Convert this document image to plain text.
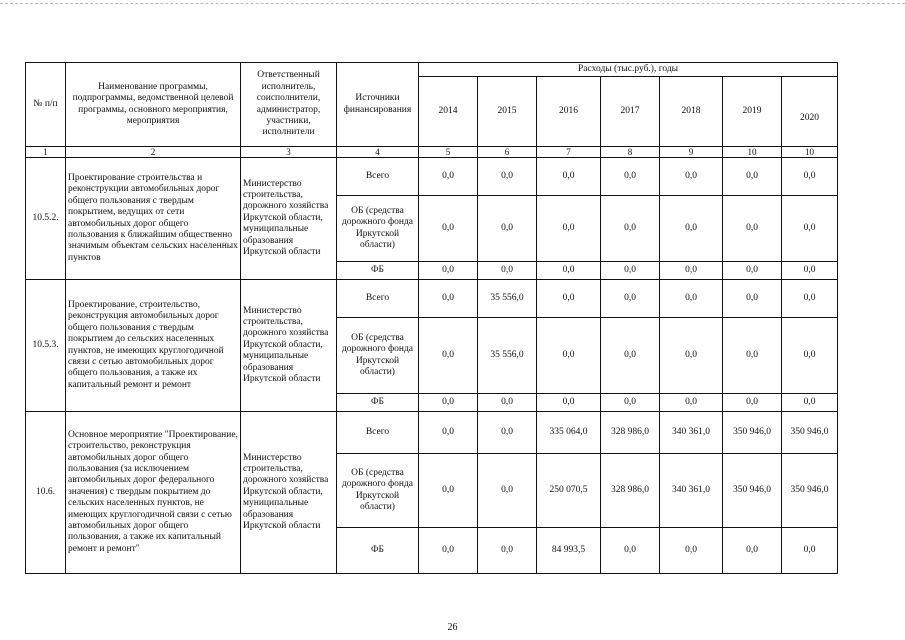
№ п/п	Наименование программы, подпрограммы, ведомственной целевой программы, основного мероприятия, мероприятия	Ответственный исполнитель, соисполнители, администратор, участники, исполнители	Источники финансирования	Расходы (тыс.руб.), годы						
				2014	2015	2016	2017	2018	2019	2020
1	2	3	4	5	6	7	8	9	10	10
10.5.2.	Проектирование строительства и реконструкции автомобильных дорог общего пользования с твердым покрытием, ведущих от сети автомобильных дорог общего пользования к ближайшим общественно значимым объектам сельских населенных пунктов	Министерство строительства, дорожного хозяйства Иркутской области, муниципальные образования Иркутской области	Всего	0,0	0,0	0,0	0,0	0,0	0,0	0,0
			ОБ (средства дорожного фонда Иркутской области)	0,0	0,0	0,0	0,0	0,0	0,0	0,0
			ФБ	0,0	0,0	0,0	0,0	0,0	0,0	0,0
10.5.3.	Проектирование, строительство, реконструкция автомобильных дорог общего пользования с твердым покрытием до сельских населенных пунктов, не имеющих круглогодичной связи с сетью автомобильных дорог общего пользования, а также их капитальный ремонт и ремонт	Министерство строительства, дорожного хозяйства Иркутской области, муниципальные образования Иркутской области	Всего	0,0	35 556,0	0,0	0,0	0,0	0,0	0,0
			ОБ (средства дорожного фонда Иркутской области)	0,0	35 556,0	0,0	0,0	0,0	0,0	0,0
			ФБ	0,0	0,0	0,0	0,0	0,0	0,0	0,0
10.6.	Основное мероприятие "Проектирование, строительство, реконструкция автомобильных дорог общего пользования (за исключением автомобильных дорог федерального значения) с твердым покрытием до сельских населенных пунктов, не имеющих круглогодичной связи с сетью автомобильных дорог общего пользования, а также их капитальный ремонт и ремонт"	Министерство строительства, дорожного хозяйства Иркутской области, муниципальные образования Иркутской области	Всего	0,0	0,0	335 064,0	328 986,0	340 361,0	350 946,0	350 946,0
			ОБ (средства дорожного фонда Иркутской области)	0,0	0,0	250 070,5	328 986,0	340 361,0	350 946,0	350 946,0
			ФБ	0,0	0,0	84 993,5	0,0	0,0	0,0	0,0
26
